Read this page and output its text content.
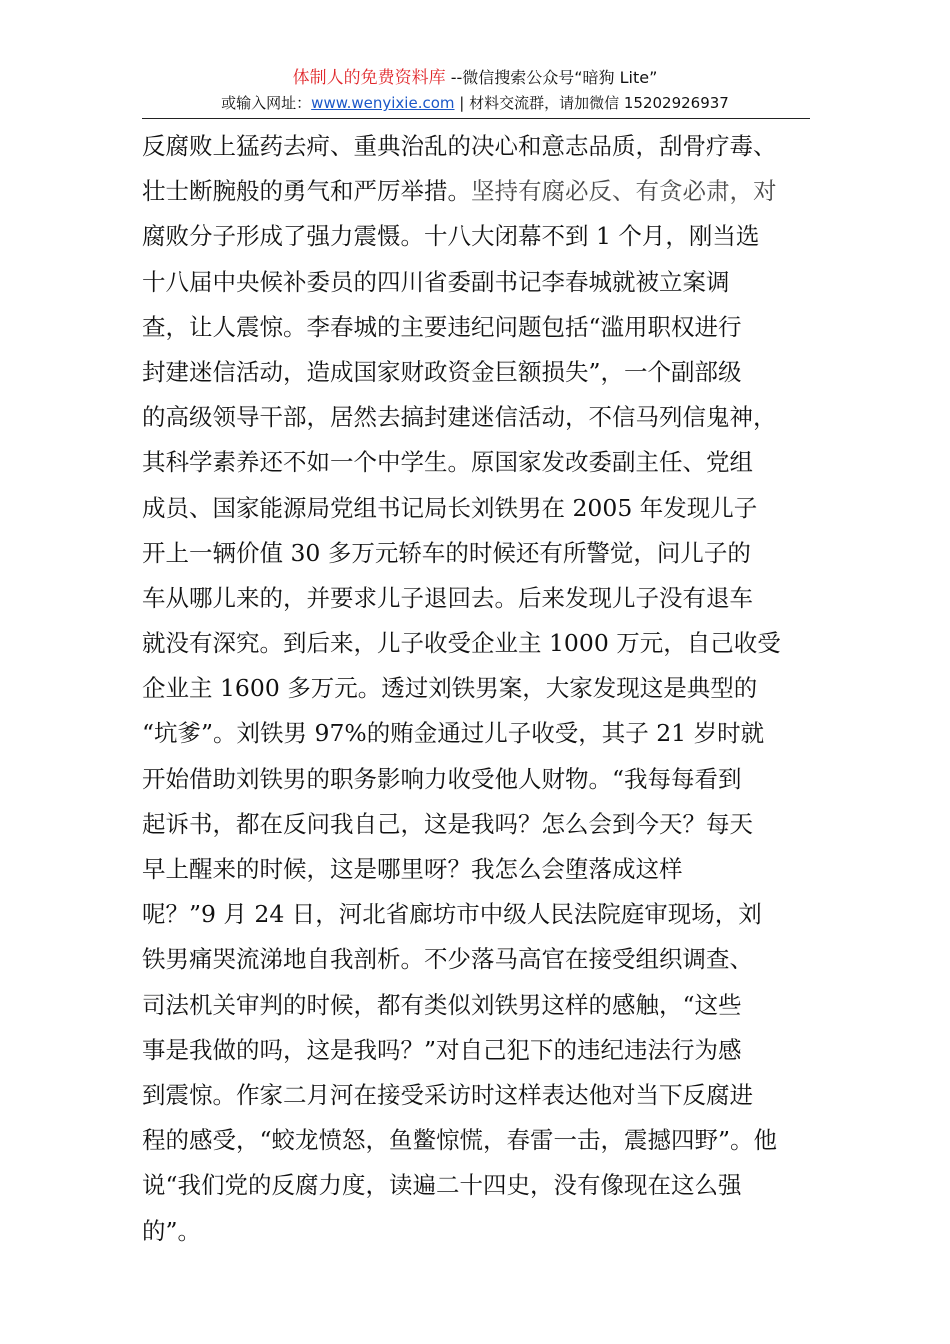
体制人的免费资料库 --微信搜索公众号“暗狗 Lite”
或输入网址：www.wenyixie.com | 材料交流群，请加微信 15202926937
反腐败上猛药去疴、重典治乱的决心和意志品质，刮骨疗毒、
壮士断腕般的勇气和严厉举措。坚持有腐必反、有贪必肃，对
腐败分子形成了强力震慑。十八大闭幕不到 1 个月，刚当选
十八届中央候补委员的四川省委副书记李春城就被立案调
查，让人震惊。李春城的主要违纪问题包括“滥用职权进行
封建迷信活动，造成国家财政资金巨额损失”，一个副部级
的高级领导干部，居然去搞封建迷信活动，不信马列信鬼神，
其科学素养还不如一个中学生。原国家发改委副主任、党组
成员、国家能源局党组书记局长刘铁男在 2005 年发现儿子
开上一辆价值 30 多万元轿车的时候还有所警觉，问儿子的
车从哪儿来的，并要求儿子退回去。后来发现儿子没有退车
就没有深究。到后来，儿子收受企业主 1000 万元，自己收受
企业主 1600 多万元。透过刘铁男案，大家发现这是典型的
“坑爹”。刘铁男 97%的贿金通过儿子收受，其子 21 岁时就
开始借助刘铁男的职务影响力收受他人财物。“我每每看到
起诉书，都在反问我自己，这是我吗？怎么会到今天？每天
早上醒来的时候，这是哪里呀？我怎么会堕落成这样
呢？”9 月 24 日，河北省廊坊市中级人民法院庭审现场，刘
铁男痛哭流涕地自我剖析。不少落马高官在接受组织调查、
司法机关审判的时候，都有类似刘铁男这样的感触，“这些
事是我做的吗，这是我吗？”对自己犯下的违纪违法行为感
到震惊。作家二月河在接受采访时这样表达他对当下反腐进
程的感受，“蛟龙愤怒，鱼鳖惊慌，春雷一击，震撼四野”。他
说“我们党的反腐力度，读遍二十四史，没有像现在这么强
的”。
